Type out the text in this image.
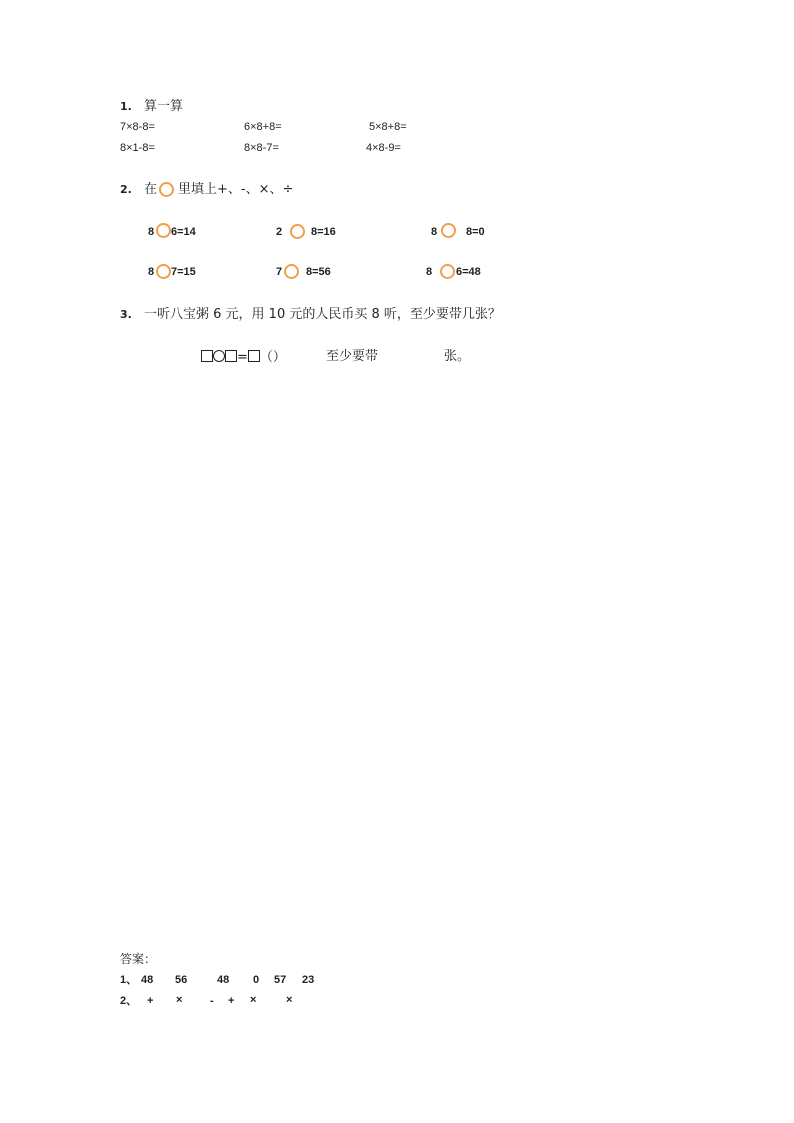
1. 算一算
7×8-8=	6×8+8=	5×8+8=
8×1-8=	8×8-7=	4×8-9=
2. 在 里填上+、-、×、÷
8 6=14	2	8=16	8	8=0
8 7=15	7 8=56	8 6=48
3. 一听八宝粥 6 元，用 10 元的人民币买 8 听，至少要带几张？
= （）	至少要带	张。
答案：
1、 48 56	48 0 57 23
2、 + ×	- + ×	×
